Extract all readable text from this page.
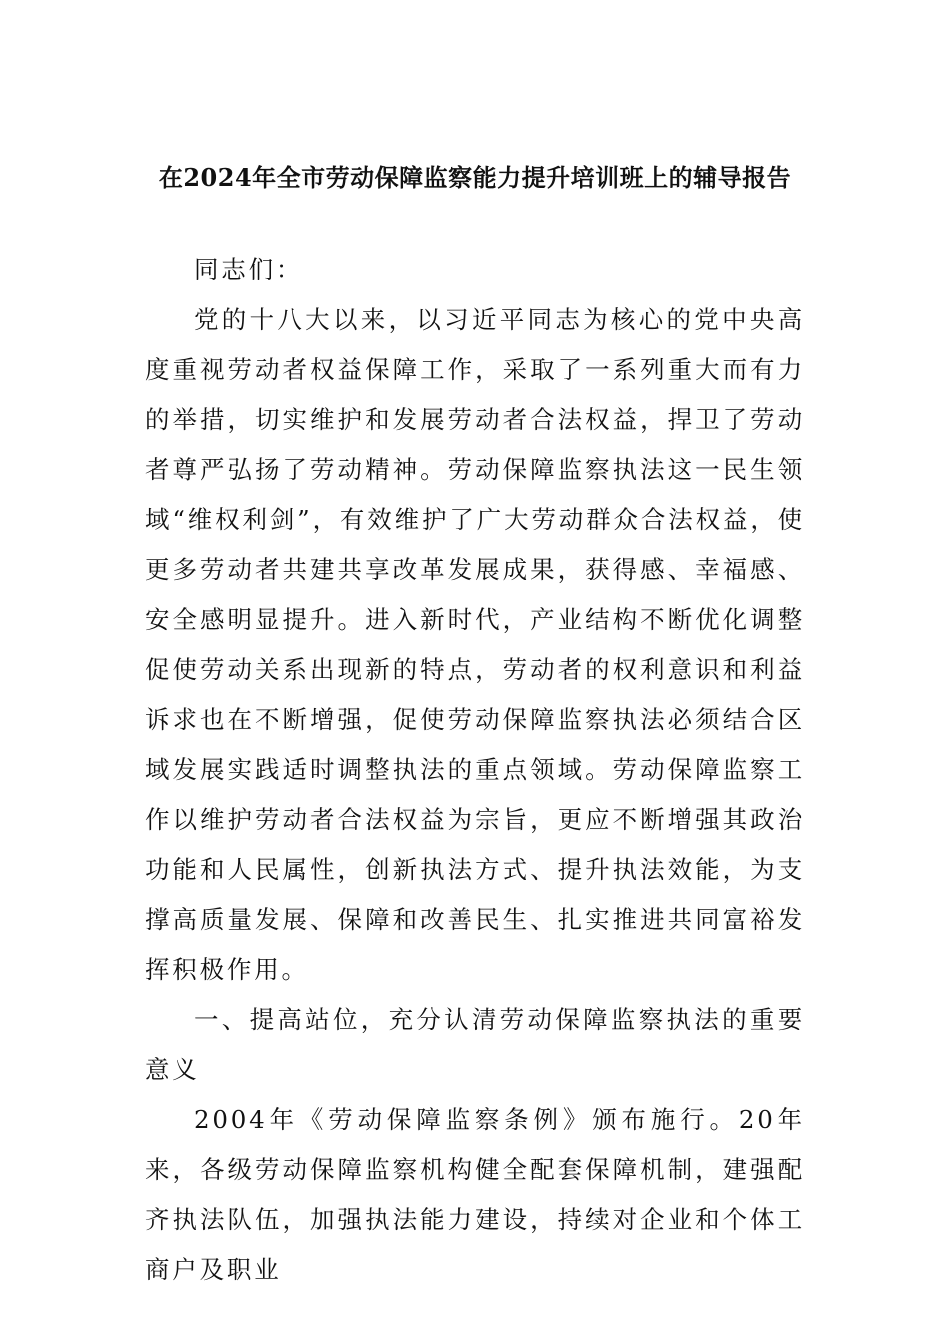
在2024年全市劳动保障监察能力提升培训班上的辅导报告

同志们：

党的十八大以来，以习近平同志为核心的党中央高度重视劳动者权益保障工作，采取了一系列重大而有力的举措，切实维护和发展劳动者合法权益，捍卫了劳动者尊严弘扬了劳动精神。劳动保障监察执法这一民生领域“维权利剑”，有效维护了广大劳动群众合法权益，使更多劳动者共建共享改革发展成果，获得感、幸福感、安全感明显提升。进入新时代，产业结构不断优化调整促使劳动关系出现新的特点，劳动者的权利意识和利益诉求也在不断增强，促使劳动保障监察执法必须结合区域发展实践适时调整执法的重点领域。劳动保障监察工作以维护劳动者合法权益为宗旨，更应不断增强其政治功能和人民属性，创新执法方式、提升执法效能，为支撑高质量发展、保障和改善民生、扎实推进共同富裕发挥积极作用。

一、提高站位，充分认清劳动保障监察执法的重要意义

2004年《劳动保障监察条例》颁布施行。20年来，各级劳动保障监察机构健全配套保障机制，建强配齐执法队伍，加强执法能力建设，持续对企业和个体工商户及职业
